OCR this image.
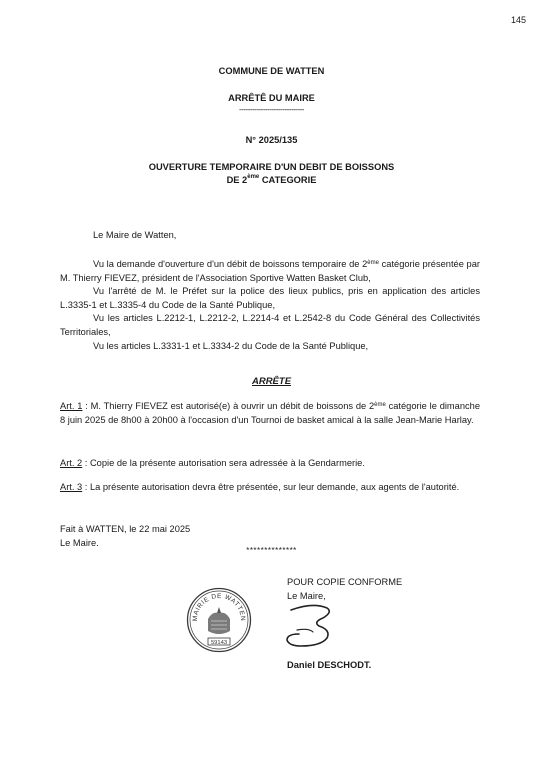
145
COMMUNE DE WATTEN
ARRÊTÊ DU MAIRE
------------------------------
N° 2025/135
OUVERTURE TEMPORAIRE D'UN DEBIT DE BOISSONS
DE 2ème CATEGORIE
Le Maire de Watten,

Vu la demande d'ouverture d'un débit de boissons temporaire de 2ème catégorie présentée par M. Thierry FIEVEZ, président de l'Association Sportive Watten Basket Club,

Vu l'arrêté de M. le Préfet sur la police des lieux publics, pris en application des articles L.3335-1 et L.3335-4 du Code de la Santé Publique,

Vu les articles L.2212-1, L.2212-2, L.2214-4 et L.2542-8 du Code Général des Collectivités Territoriales,

Vu les articles L.3331-1 et L.3334-2 du Code de la Santé Publique,

ARRÊTE

Art. 1 : M. Thierry FIEVEZ est autorisé(e) à ouvrir un débit de boissons de 2ème catégorie le dimanche 8 juin 2025 de 8h00 à 20h00 à l'occasion d'un Tournoi de basket amical à la salle Jean-Marie Harlay.

Art. 2 : Copie de la présente autorisation sera adressée à la Gendarmerie.

Art. 3 : La présente autorisation devra être présentée, sur leur demande, aux agents de l'autorité.

Fait à WATTEN, le 22 mai 2025
Le Maire.
**************
POUR COPIE CONFORME
Le Maire,
MAIRIE DE WATTEN
59143
Daniel DESCHODT.
